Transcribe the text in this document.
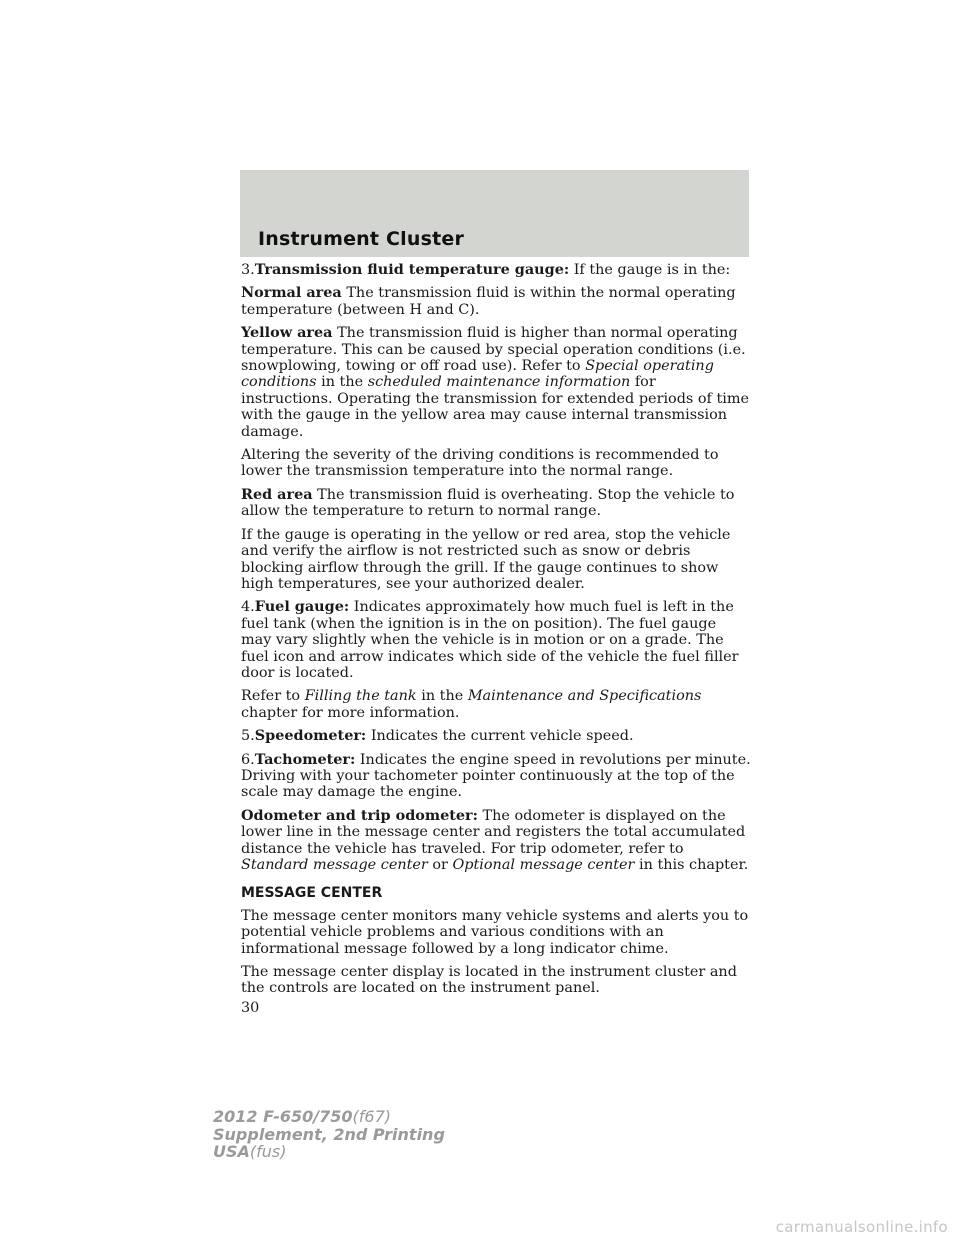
Instrument Cluster

3.Transmission fluid temperature gauge: If the gauge is in the:

Normal area The transmission fluid is within the normal operating temperature (between H and C).

Yellow area The transmission fluid is higher than normal operating temperature. This can be caused by special operation conditions (i.e. snowplowing, towing or off road use). Refer to Special operating conditions in the scheduled maintenance information for instructions. Operating the transmission for extended periods of time with the gauge in the yellow area may cause internal transmission damage.

Altering the severity of the driving conditions is recommended to lower the transmission temperature into the normal range.

Red area The transmission fluid is overheating. Stop the vehicle to allow the temperature to return to normal range.

If the gauge is operating in the yellow or red area, stop the vehicle and verify the airflow is not restricted such as snow or debris blocking airflow through the grill. If the gauge continues to show high temperatures, see your authorized dealer.

4.Fuel gauge: Indicates approximately how much fuel is left in the fuel tank (when the ignition is in the on position). The fuel gauge may vary slightly when the vehicle is in motion or on a grade. The fuel icon and arrow indicates which side of the vehicle the fuel filler door is located.

Refer to Filling the tank in the Maintenance and Specifications chapter for more information.

5.Speedometer: Indicates the current vehicle speed.

6.Tachometer: Indicates the engine speed in revolutions per minute. Driving with your tachometer pointer continuously at the top of the scale may damage the engine.

Odometer and trip odometer: The odometer is displayed on the lower line in the message center and registers the total accumulated distance the vehicle has traveled. For trip odometer, refer to Standard message center or Optional message center in this chapter.

MESSAGE CENTER

The message center monitors many vehicle systems and alerts you to potential vehicle problems and various conditions with an informational message followed by a long indicator chime.

The message center display is located in the instrument cluster and the controls are located on the instrument panel.

30
2012 F-650/750(f67)
Supplement, 2nd Printing
USA(fus)
carmanualsonline.info
